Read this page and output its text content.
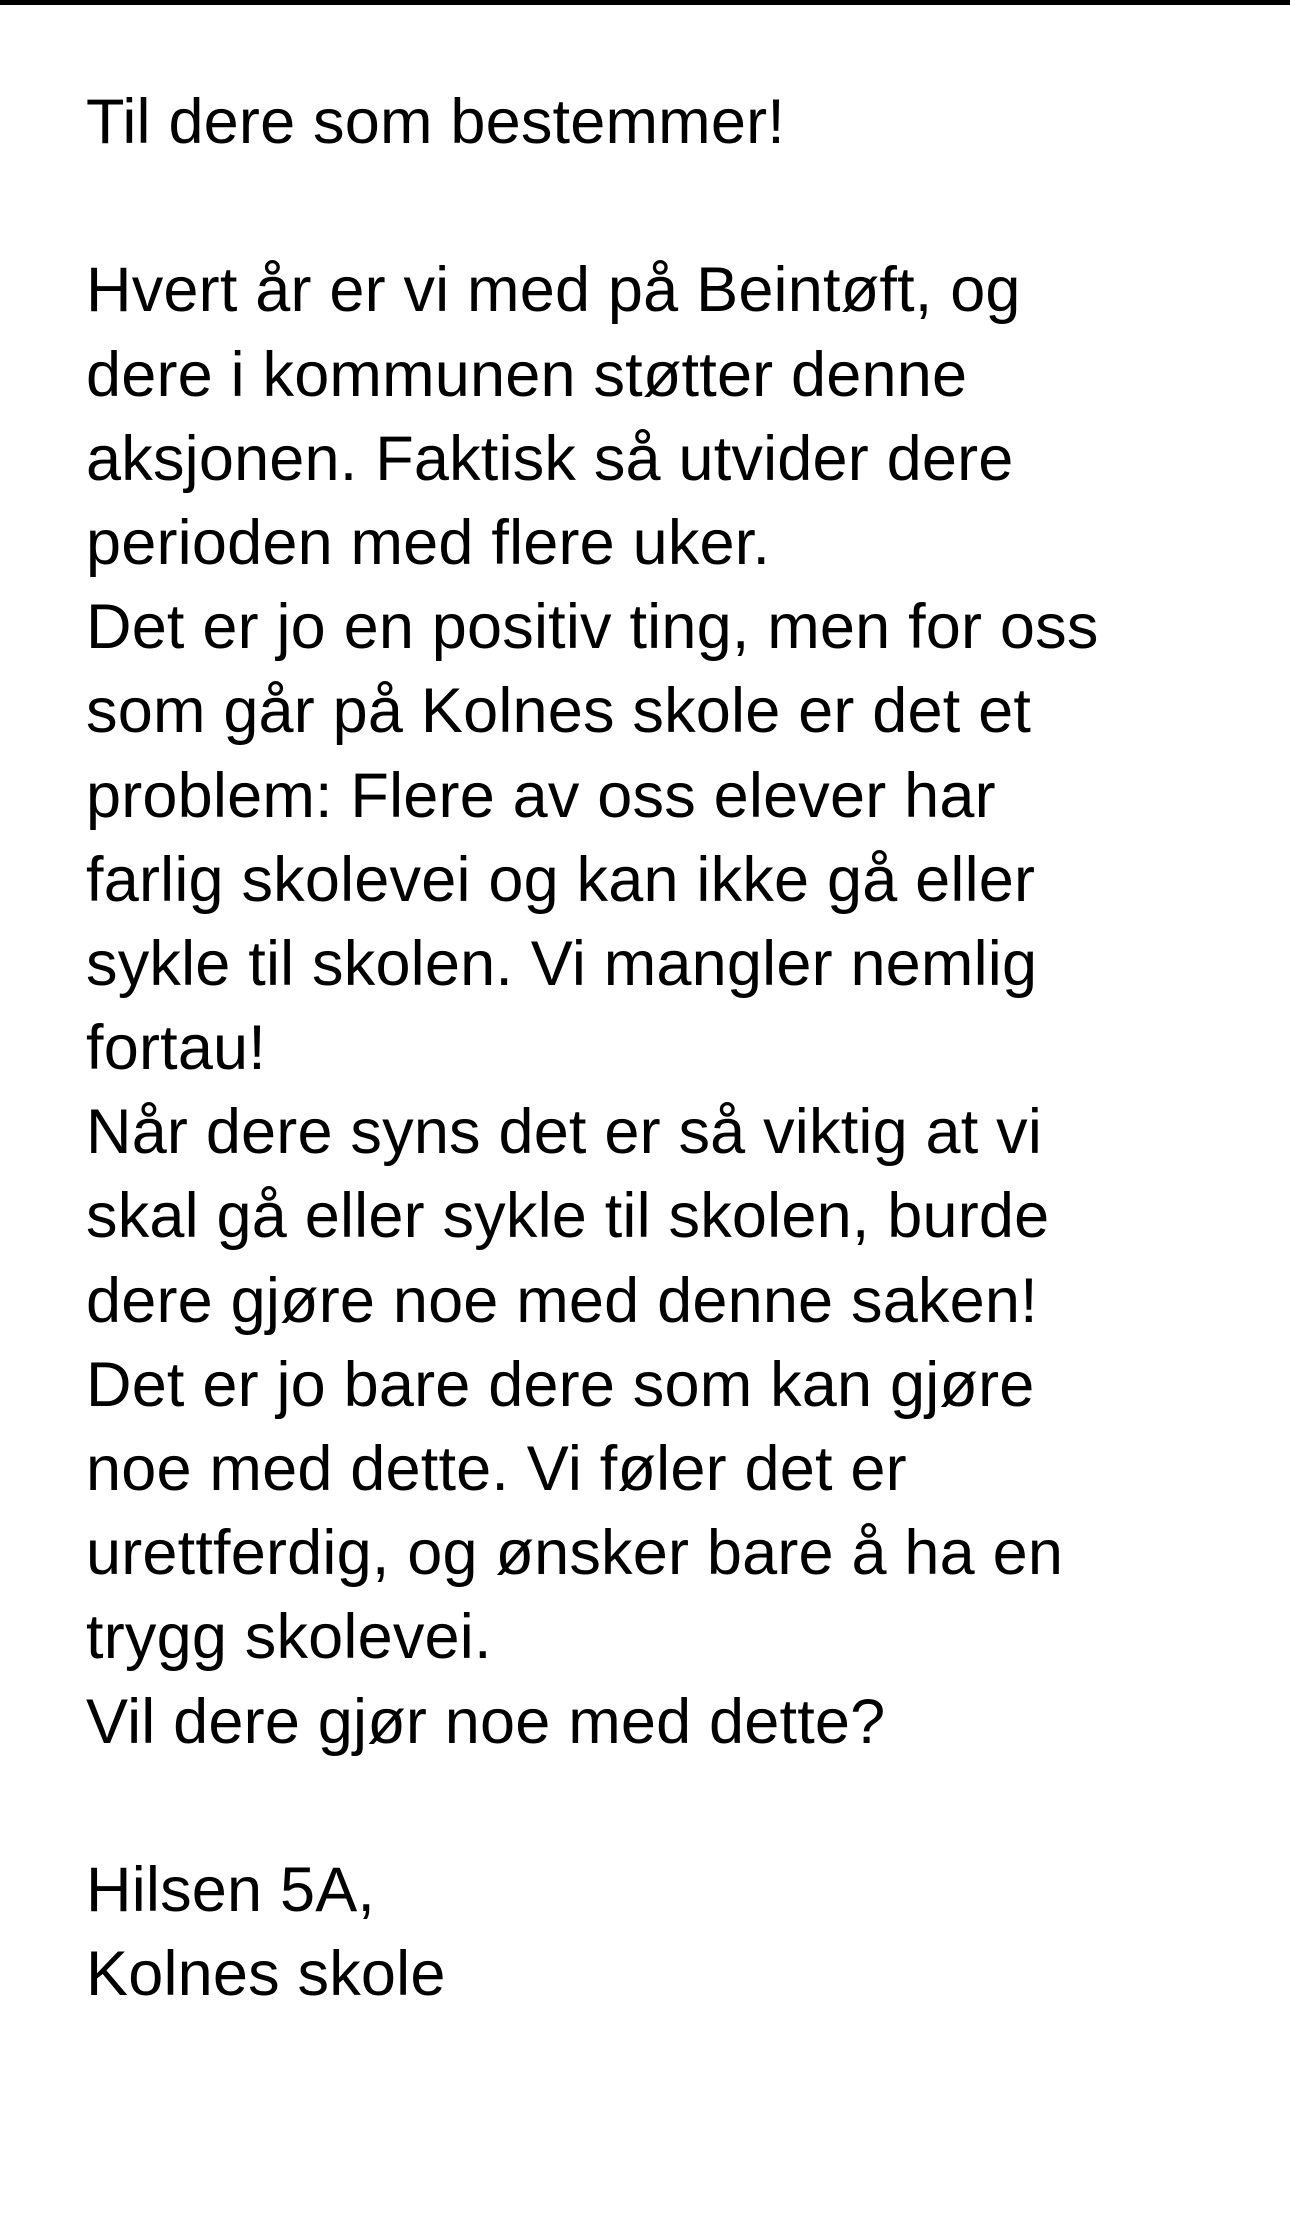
Til dere som bestemmer!
Hvert år er vi med på Beintøft, og
dere i kommunen støtter denne
aksjonen. Faktisk så utvider dere
perioden med flere uker.
Det er jo en positiv ting, men for oss
som går på Kolnes skole er det et
problem: Flere av oss elever har
farlig skolevei og kan ikke gå eller
sykle til skolen. Vi mangler nemlig
fortau!
Når dere syns det er så viktig at vi
skal gå eller sykle til skolen, burde
dere gjøre noe med denne saken!
Det er jo bare dere som kan gjøre
noe med dette. Vi føler det er
urettferdig, og ønsker bare å ha en
trygg skolevei.
Vil dere gjør noe med dette?
Hilsen 5A,
Kolnes skole
